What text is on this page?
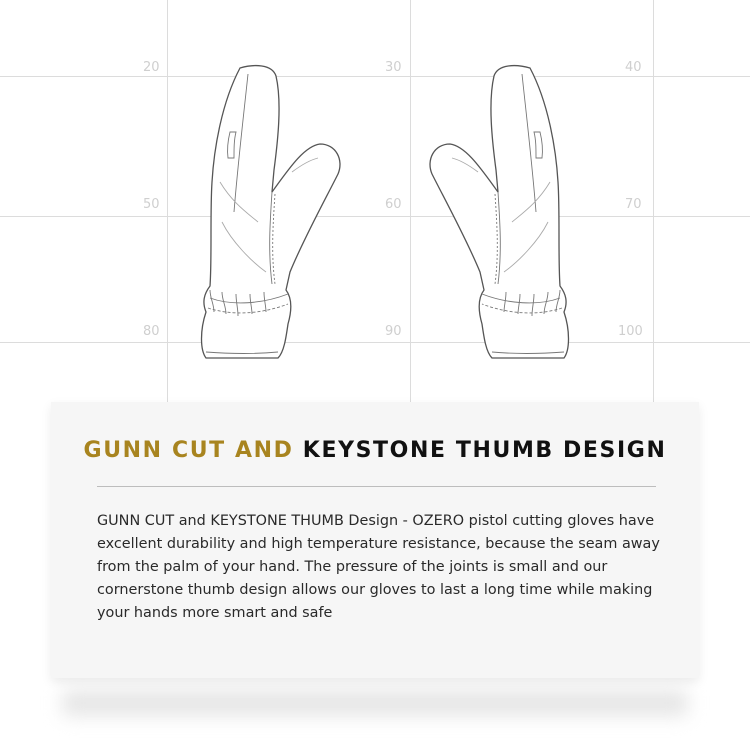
20	30	40
50	60	70
80	90	100
GUNN CUT AND KEYSTONE THUMB DESIGN

GUNN CUT and KEYSTONE THUMB Design - OZERO pistol cutting gloves have excellent durability and high temperature resistance, because the seam away from the palm of your hand. The pressure of the joints is small and our cornerstone thumb design allows our gloves to last a long time while making your hands more smart and safe
